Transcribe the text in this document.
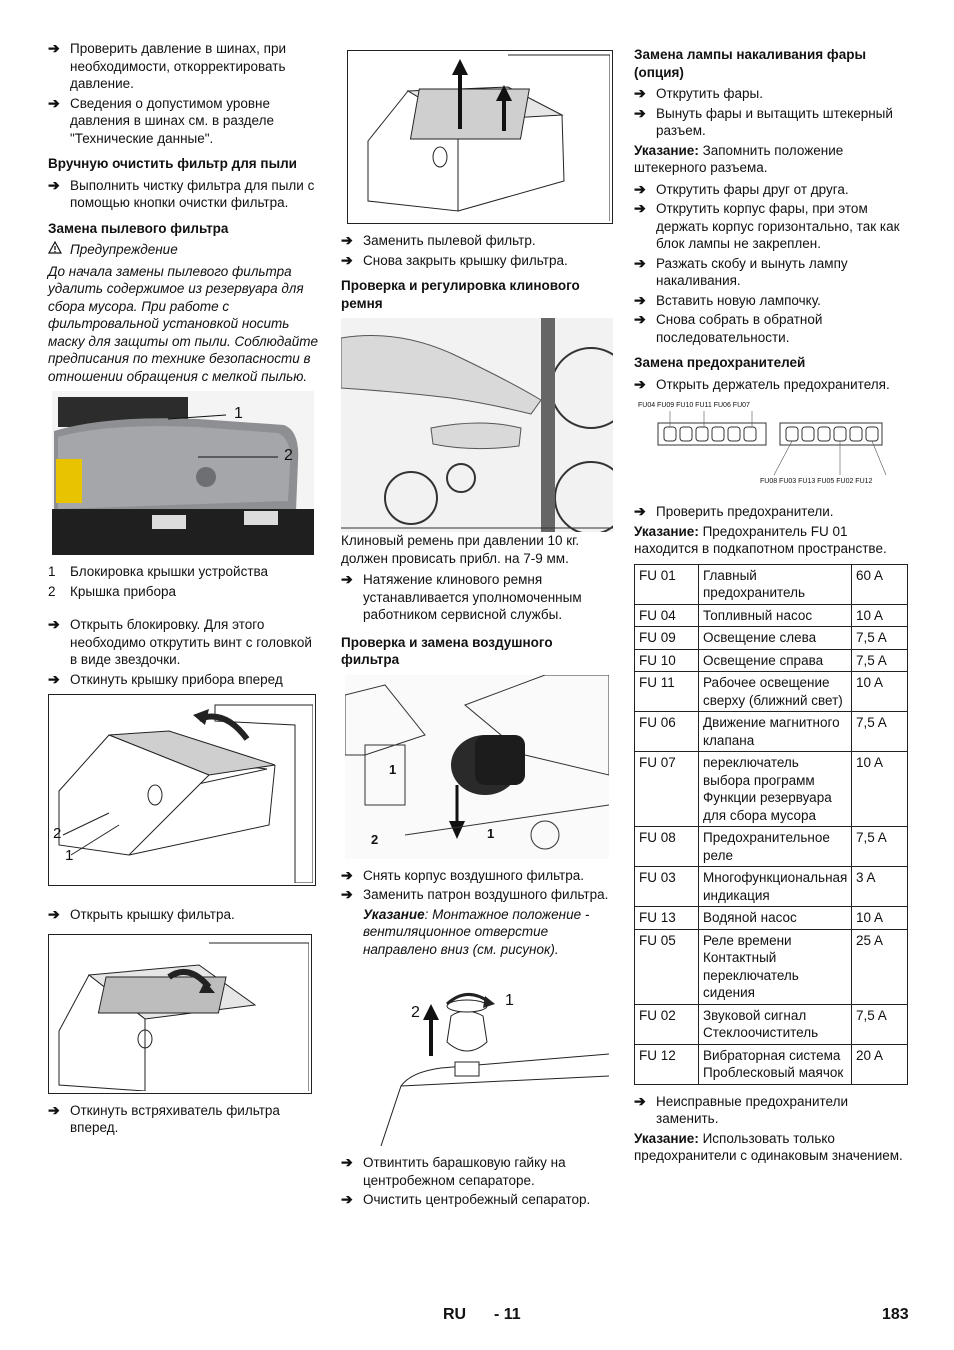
➔ Проверить давление в шинах, при необходимости, откорректировать давление.
➔ Сведения о допустимом уровне давления в шинах см. в разделе "Технические данные".
Вручную очистить фильтр для пыли
➔ Выполнить чистку фильтра для пыли с помощью кнопки очистки фильтра.
Замена пылевого фильтра
Предупреждение
До начала замены пылевого фильтра удалить содержимое из резервуара для сбора мусора. При работе с фильтровальной установкой носить маску для защиты от пыли. Соблюдайте предписания по технике безопасности в отношении обращения с мелкой пылью.
1
2
1	Блокировка крышки устройства
2	Крышка прибора
➔ Открыть блокировку. Для этого необходимо открутить винт с головкой в виде звездочки.
➔ Откинуть крышку прибора вперед
2
1
➔ Открыть крышку фильтра.
➔ Откинуть встряхиватель фильтра вперед.
➔ Заменить пылевой фильтр.
➔ Снова закрыть крышку фильтра.
Проверка и регулировка клинового ремня
Клиновый ремень при давлении 10 кг. должен провисать прибл. на 7-9 мм.
➔ Натяжение клинового ремня устанавливается уполномоченным работником сервисной службы.
Проверка и замена воздушного фильтра
1
2	1
➔ Снять корпус воздушного фильтра.
➔ Заменить патрон воздушного фильтра.
Указание: Монтажное положение - вентиляционное отверстие направлено вниз (см. рисунок).
2
1
➔ Отвинтить барашковую гайку на центробежном сепараторе.
➔ Очистить центробежный сепаратор.
Замена лампы накаливания фары (опция)
➔ Открутить фары.
➔ Вынуть фары и вытащить штекерный разъем.
Указание: Запомнить положение штекерного разъема.
➔ Открутить фары друг от друга.
➔ Открутить корпус фары, при этом держать корпус горизонтально, так как блок лампы не закреплен.
➔ Разжать скобу и вынуть лампу накаливания.
➔ Вставить новую лампочку.
➔ Снова собрать в обратной последовательности.
Замена предохранителей
➔ Открыть держатель предохранителя.
FU04 FU09 FU10 FU11 FU06 FU07
FU08 FU03 FU13 FU05 FU02 FU12
➔ Проверить предохранители.
Указание: Предохранитель FU 01 находится в подкапотном пространстве.
FU 01	Главный предохранитель	60 A
FU 04	Топливный насос	10 A
FU 09	Освещение слева	7,5 A
FU 10	Освещение справа	7,5 A
FU 11	Рабочее освещение сверху (ближний свет)	10 A
FU 06	Движение магнитного клапана	7,5 A
FU 07	переключатель выбора программ Функции резервуара для сбора мусора	10 A
FU 08	Предохранительное реле	7,5 A
FU 03	Многофункциональная индикация	3 A
FU 13	Водяной насос	10 A
FU 05	Реле времени Контактный переключатель сидения	25 A
FU 02	Звуковой сигнал Стеклоочиститель	7,5 A
FU 12	Вибраторная система Проблесковый маячок	20 A
➔ Неисправные предохранители заменить.
Указание: Использовать только предохранители с одинаковым значением.
RU - 11	183
